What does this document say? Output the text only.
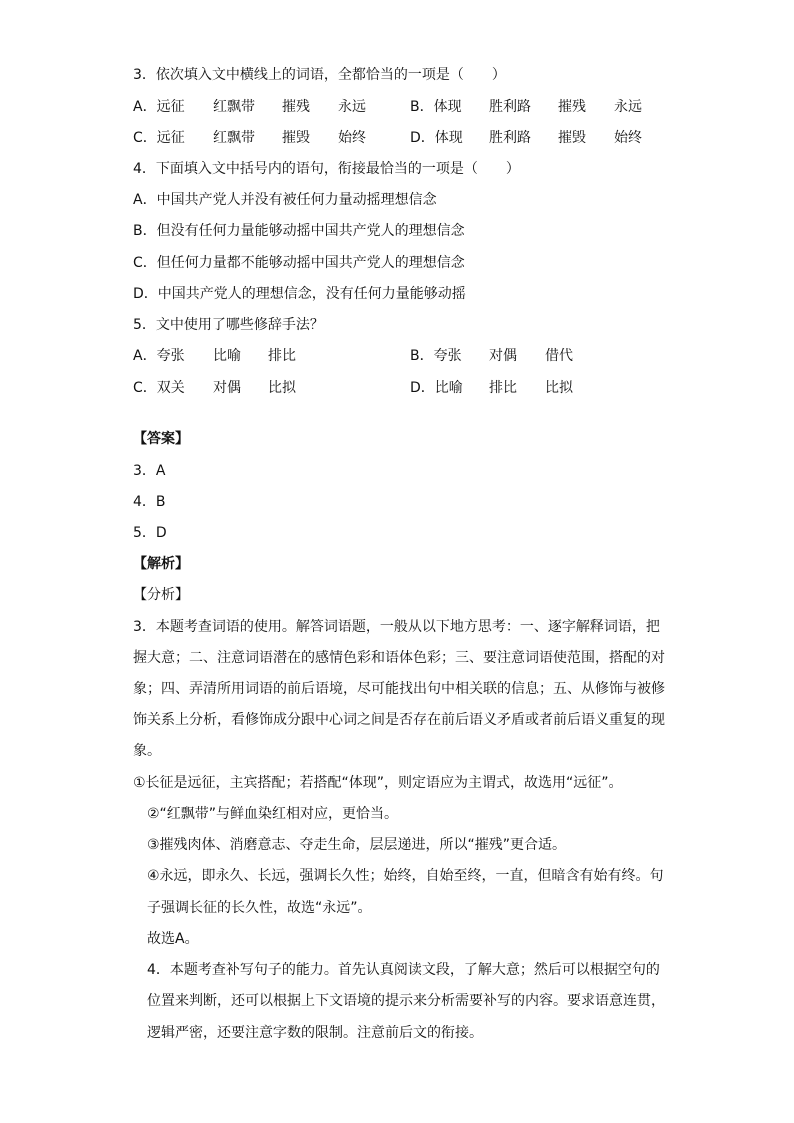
3．依次填入文中横线上的词语，全都恰当的一项是（　　）
A．远征 红飘带 摧残 永远	B．体现 胜利路 摧残 永远
C．远征 红飘带 摧毁 始终	D．体现 胜利路 摧毁 始终
4．下面填入文中括号内的语句，衔接最恰当的一项是（　　）
A．中国共产党人并没有被任何力量动摇理想信念
B．但没有任何力量能够动摇中国共产党人的理想信念
C．但任何力量都不能够动摇中国共产党人的理想信念
D．中国共产党人的理想信念，没有任何力量能够动摇
5．文中使用了哪些修辞手法？
A．夸张 比喻 排比	B．夸张 对偶 借代
C．双关 对偶 比拟	D．比喻 排比 比拟
【答案】
3．A
4．B
5．D
【解析】
【分析】
3．本题考查词语的使用。解答词语题，一般从以下地方思考：一、逐字解释词语，把
握大意；二、注意词语潜在的感情色彩和语体色彩；三、要注意词语使范围，搭配的对
象；四、弄清所用词语的前后语境，尽可能找出句中相关联的信息；五、从修饰与被修
饰关系上分析，看修饰成分跟中心词之间是否存在前后语义矛盾或者前后语义重复的现
象。
①长征是远征，主宾搭配；若搭配“体现”，则定语应为主谓式，故选用“远征”。
②“红飘带”与鲜血染红相对应，更恰当。
③摧残肉体、消磨意志、夺走生命，层层递进，所以“摧残”更合适。
④永远，即永久、长远，强调长久性；始终，自始至终，一直，但暗含有始有终。句
子强调长征的长久性，故选“永远”。
故选A。
4．本题考查补写句子的能力。首先认真阅读文段，了解大意；然后可以根据空句的
位置来判断，还可以根据上下文语境的提示来分析需要补写的内容。要求语意连贯，
逻辑严密，还要注意字数的限制。注意前后文的衔接。
